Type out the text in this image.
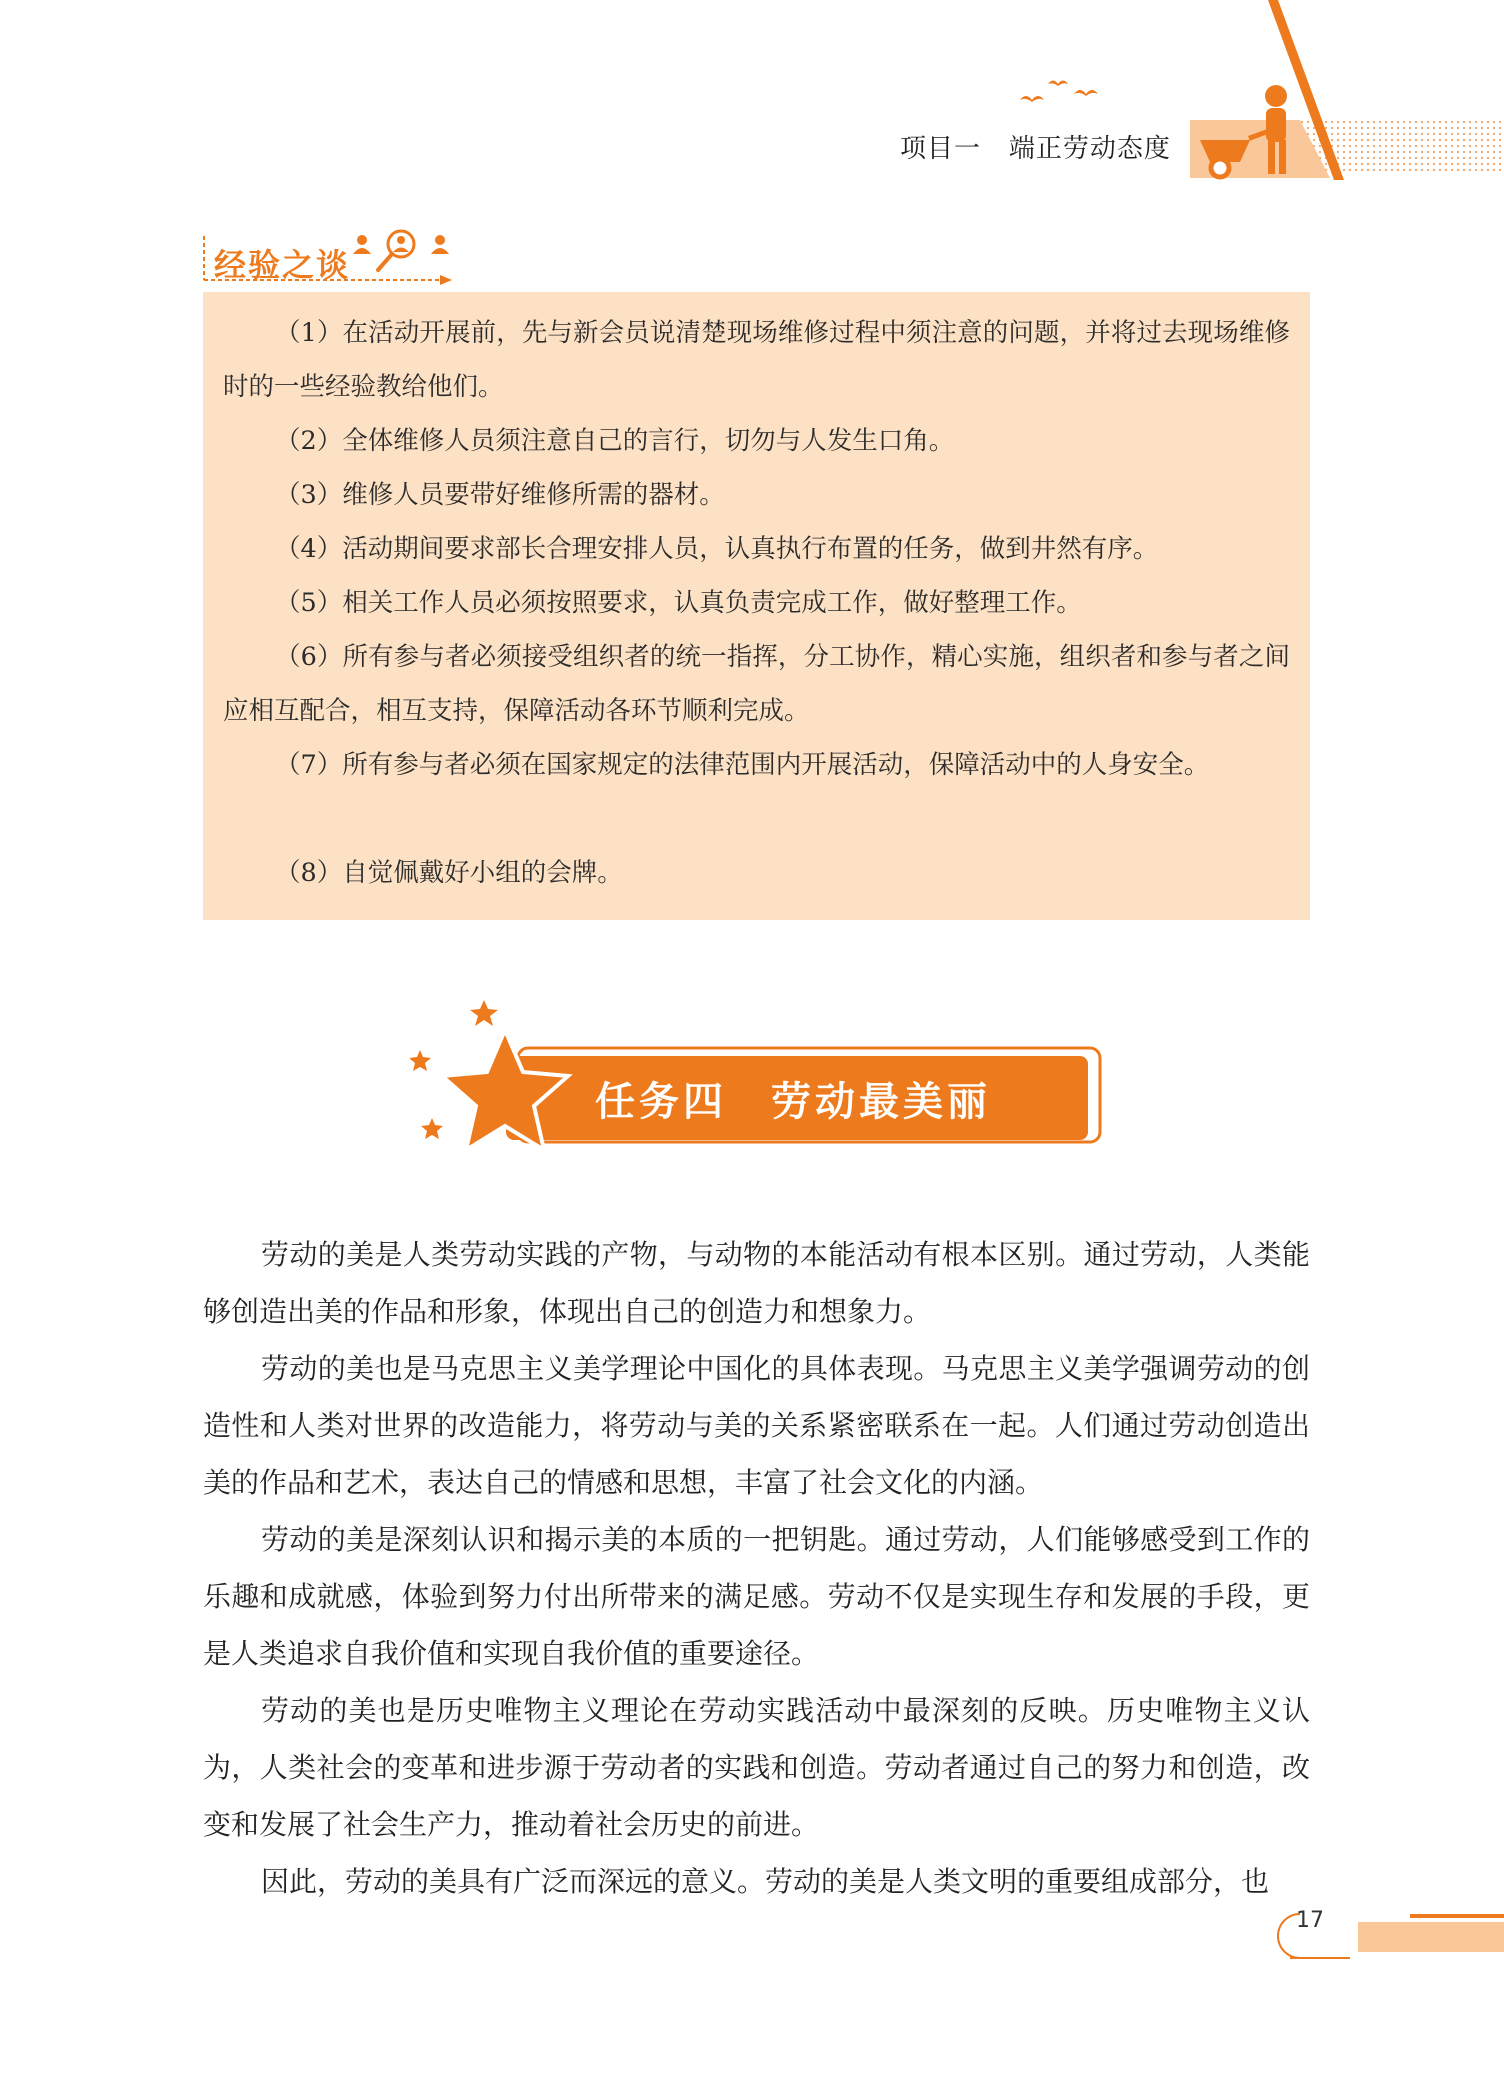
项目一 端正劳动态度
经验之谈
（1）在活动开展前，先与新会员说清楚现场维修过程中须注意的问题，并将过去现场维修时的一些经验教给他们。
（2）全体维修人员须注意自己的言行，切勿与人发生口角。
（3）维修人员要带好维修所需的器材。
（4）活动期间要求部长合理安排人员，认真执行布置的任务，做到井然有序。
（5）相关工作人员必须按照要求，认真负责完成工作，做好整理工作。
（6）所有参与者必须接受组织者的统一指挥，分工协作，精心实施，组织者和参与者之间应相互配合，相互支持，保障活动各环节顺利完成。
（7）所有参与者必须在国家规定的法律范围内开展活动，保障活动中的人身安全。
（8）自觉佩戴好小组的会牌。
任务四　劳动最美丽
劳动的美是人类劳动实践的产物，与动物的本能活动有根本区别。通过劳动，人类能够创造出美的作品和形象，体现出自己的创造力和想象力。
劳动的美也是马克思主义美学理论中国化的具体表现。马克思主义美学强调劳动的创造性和人类对世界的改造能力，将劳动与美的关系紧密联系在一起。人们通过劳动创造出美的作品和艺术，表达自己的情感和思想，丰富了社会文化的内涵。
劳动的美是深刻认识和揭示美的本质的一把钥匙。通过劳动，人们能够感受到工作的乐趣和成就感，体验到努力付出所带来的满足感。劳动不仅是实现生存和发展的手段，更是人类追求自我价值和实现自我价值的重要途径。
劳动的美也是历史唯物主义理论在劳动实践活动中最深刻的反映。历史唯物主义认为，人类社会的变革和进步源于劳动者的实践和创造。劳动者通过自己的努力和创造，改变和发展了社会生产力，推动着社会历史的前进。
因此，劳动的美具有广泛而深远的意义。劳动的美是人类文明的重要组成部分，也
17
